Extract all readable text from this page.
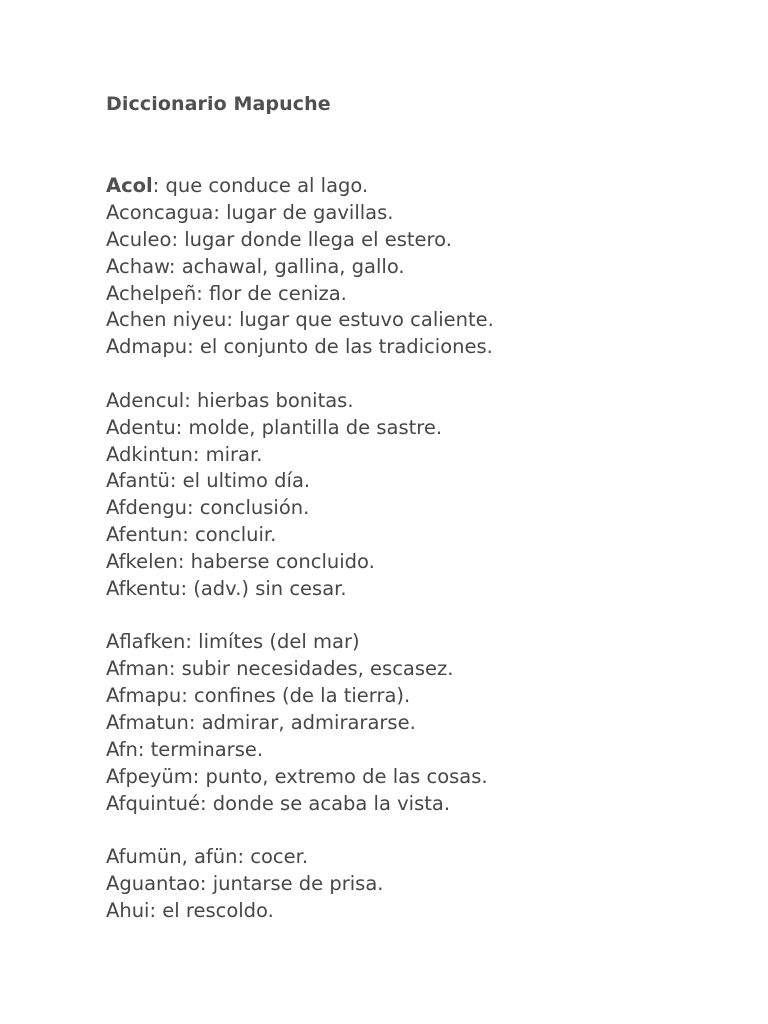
Diccionario Mapuche
Acol: que conduce al lago.
Aconcagua: lugar de gavillas.
Aculeo: lugar donde llega el estero.
Achaw: achawal, gallina, gallo.
Achelpeñ: flor de ceniza.
Achen niyeu: lugar que estuvo caliente.
Admapu: el conjunto de las tradiciones.
Adencul: hierbas bonitas.
Adentu: molde, plantilla de sastre.
Adkintun: mirar.
Afantü: el ultimo día.
Afdengu: conclusión.
Afentun: concluir.
Afkelen: haberse concluido.
Afkentu: (adv.) sin cesar.
Aflafken: limítes (del mar)
Afman: subir necesidades, escasez.
Afmapu: confines (de la tierra).
Afmatun: admirar, admirararse.
Afn: terminarse.
Afpeyüm: punto, extremo de las cosas.
Afquintué: donde se acaba la vista.
Afumün, afün: cocer.
Aguantao: juntarse de prisa.
Ahui: el rescoldo.
